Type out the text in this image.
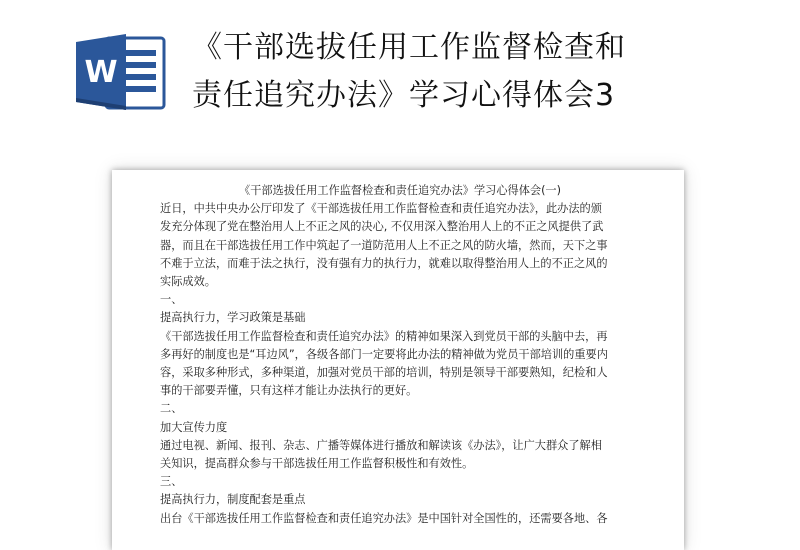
W
《干部选拔任用工作监督检查和
责任追究办法》学习心得体会3

《干部选拔任用工作监督检查和责任追究办法》学习心得体会(一)

近日，中共中央办公厅印发了《干部选拔任用工作监督检查和责任追究办法》，此办法的颁

发充分体现了党在整治用人上不正之风的决心, 不仅用深入整治用人上的不正之风提供了武

器，而且在干部选拔任用工作中筑起了一道防范用人上不正之风的防火墙，然而，天下之事

不难于立法，而难于法之执行，没有强有力的执行力，就难以取得整治用人上的不正之风的

实际成效。

一、

提高执行力，学习政策是基础

《干部选拔任用工作监督检查和责任追究办法》的精神如果深入到党员干部的头脑中去，再

多再好的制度也是“耳边风”，各级各部门一定要将此办法的精神做为党员干部培训的重要内

容，采取多种形式，多种渠道，加强对党员干部的培训，特别是领导干部要熟知，纪检和人

事的干部要弄懂，只有这样才能让办法执行的更好。

二、

加大宣传力度

通过电视、新闻、报刊、杂志、广播等媒体进行播放和解读该《办法》，让广大群众了解相

关知识，提高群众参与干部选拔任用工作监督积极性和有效性。

三、

提高执行力，制度配套是重点

出台《干部选拔任用工作监督检查和责任追究办法》是中国针对全国性的，还需要各地、各
